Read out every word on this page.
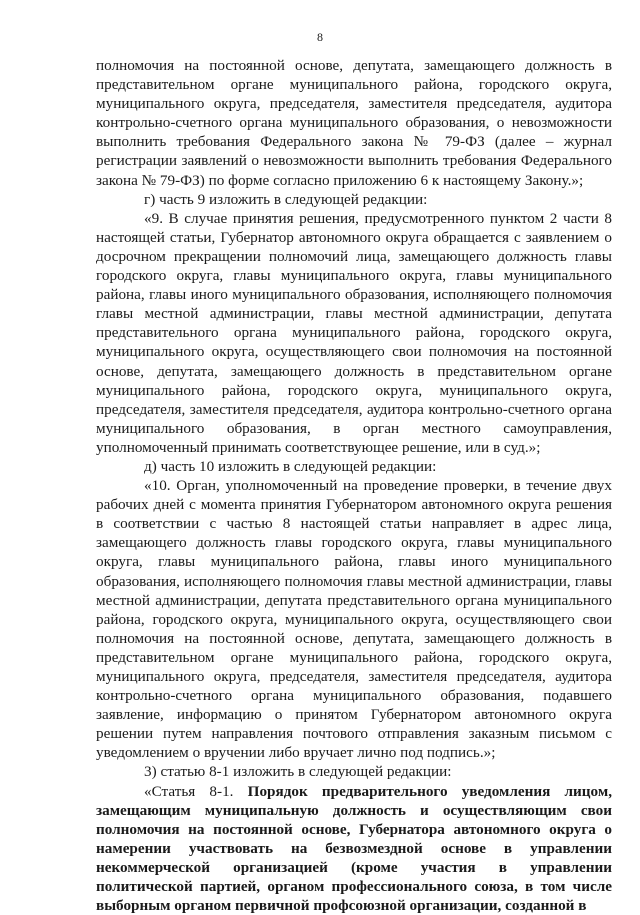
8

полномочия на постоянной основе, депутата, замещающего должность в представительном органе муниципального района, городского округа, муниципального округа, председателя, заместителя председателя, аудитора контрольно-счетного органа муниципального образования, о невозможности выполнить требования Федерального закона № 79-ФЗ (далее – журнал регистрации заявлений о невозможности выполнить требования Федерального закона № 79-ФЗ) по форме согласно приложению 6 к настоящему Закону.»;

г) часть 9 изложить в следующей редакции:

«9. В случае принятия решения, предусмотренного пунктом 2 части 8 настоящей статьи, Губернатор автономного округа обращается с заявлением о досрочном прекращении полномочий лица, замещающего должность главы городского округа, главы муниципального округа, главы муниципального района, главы иного муниципального образования, исполняющего полномочия главы местной администрации, главы местной администрации, депутата представительного органа муниципального района, городского округа, муниципального округа, осуществляющего свои полномочия на постоянной основе, депутата, замещающего должность в представительном органе муниципального района, городского округа, муниципального округа, председателя, заместителя председателя, аудитора контрольно-счетного органа муниципального образования, в орган местного самоуправления, уполномоченный принимать соответствующее решение, или в суд.»;

д) часть 10 изложить в следующей редакции:

«10. Орган, уполномоченный на проведение проверки, в течение двух рабочих дней с момента принятия Губернатором автономного округа решения в соответствии с частью 8 настоящей статьи направляет в адрес лица, замещающего должность главы городского округа, главы муниципального округа, главы муниципального района, главы иного муниципального образования, исполняющего полномочия главы местной администрации, главы местной администрации, депутата представительного органа муниципального района, городского округа, муниципального округа, осуществляющего свои полномочия на постоянной основе, депутата, замещающего должность в представительном органе муниципального района, городского округа, муниципального округа, председателя, заместителя председателя, аудитора контрольно-счетного органа муниципального образования, подавшего заявление, информацию о принятом Губернатором автономного округа решении путем направления почтового отправления заказным письмом с уведомлением о вручении либо вручает лично под подпись.»;

3) статью 8-1 изложить в следующей редакции:

«Статья 8-1. Порядок предварительного уведомления лицом, замещающим муниципальную должность и осуществляющим свои полномочия на постоянной основе, Губернатора автономного округа о намерении участвовать на безвозмездной основе в управлении некоммерческой организацией (кроме участия в управлении политической партией, органом профессионального союза, в том числе выборным органом первичной профсоюзной организации, созданной в
